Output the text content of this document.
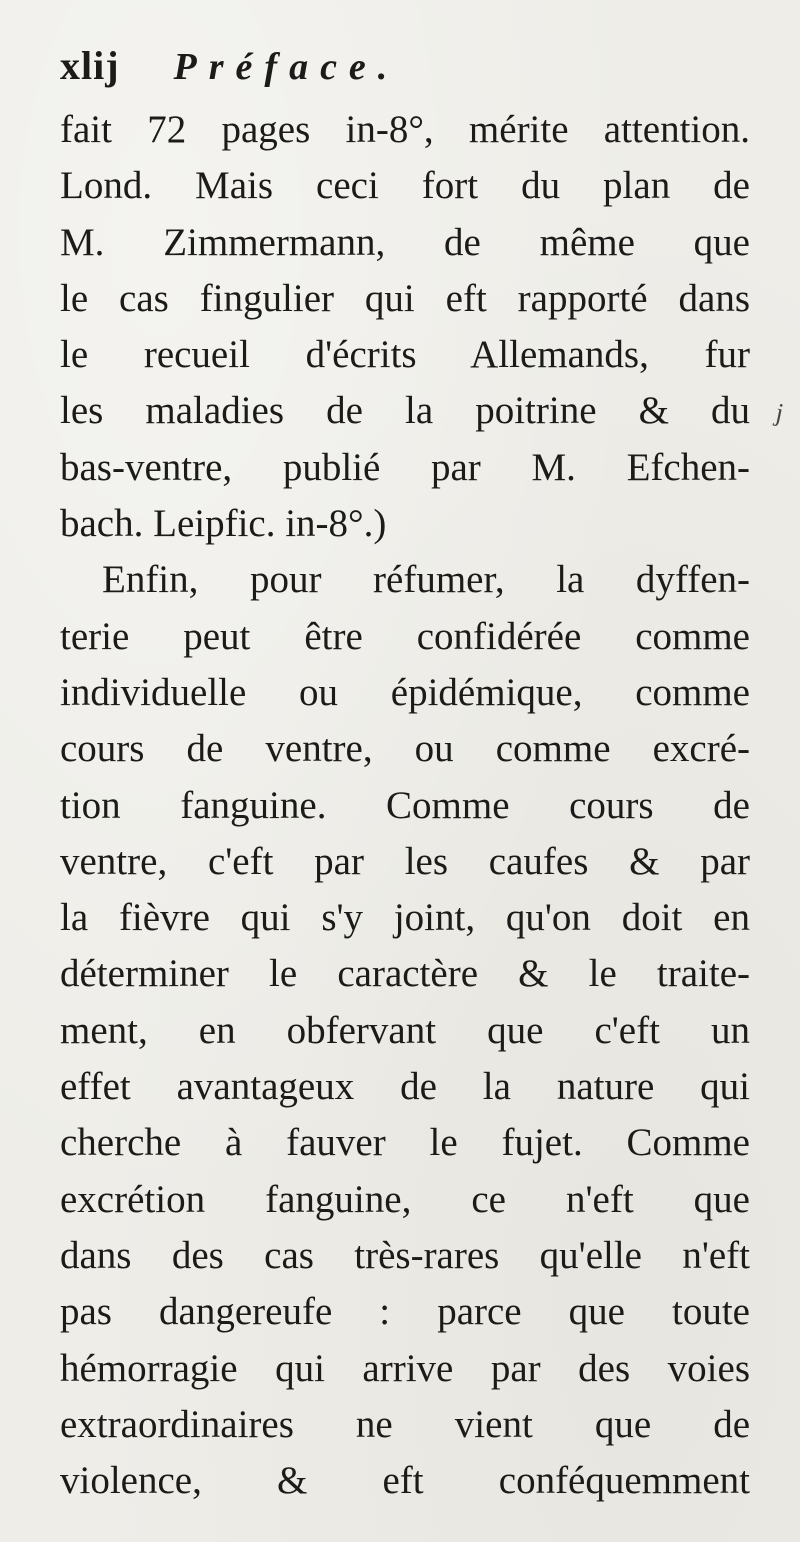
xlij Préface.
fait 72 pages in-8°, mérite attention.
Lond. Mais ceci fort du plan de
M. Zimmermann, de même que
le cas fingulier qui eft rapporté dans
le recueil d'écrits Allemands, fur
les maladies de la poitrine & du
bas-ventre, publié par M. Efchen-
bach. Leipfic. in-8°.)
Enfin, pour réfumer, la dyffen-
terie peut être confidérée comme
individuelle ou épidémique, comme
cours de ventre, ou comme excré-
tion fanguine. Comme cours de
ventre, c'eft par les caufes & par
la fièvre qui s'y joint, qu'on doit en
déterminer le caractère & le traite-
ment, en obfervant que c'eft un
effet avantageux de la nature qui
cherche à fauver le fujet. Comme
excrétion fanguine, ce n'eft que
dans des cas très-rares qu'elle n'eft
pas dangereufe : parce que toute
hémorragie qui arrive par des voies
extraordinaires ne vient que de
violence, & eft conféquemment
j
